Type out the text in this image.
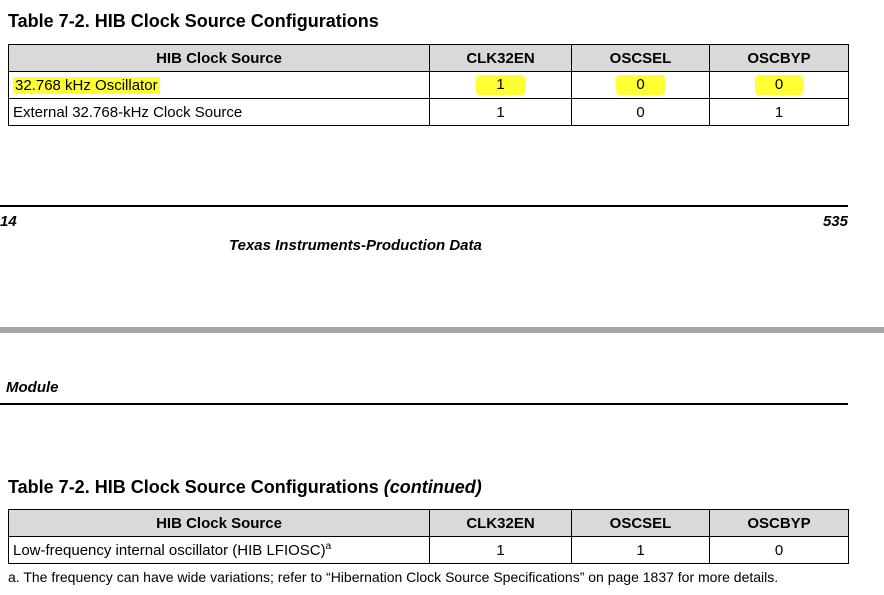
Table 7-2. HIB Clock Source Configurations
HIB Clock Source	CLK32EN	OSCSEL	OSCBYP
32.768 kHz Oscillator	1	0	0
External 32.768-kHz Clock Source	1	0	1
14	535
Texas Instruments-Production Data
Module
Table 7-2. HIB Clock Source Configurations (continued)
HIB Clock Source	CLK32EN	OSCSEL	OSCBYP
Low-frequency internal oscillator (HIB LFIOSC)$^a$	1	1	0
a. The frequency can have wide variations; refer to “Hibernation Clock Source Specifications” on page 1837 for more details.
